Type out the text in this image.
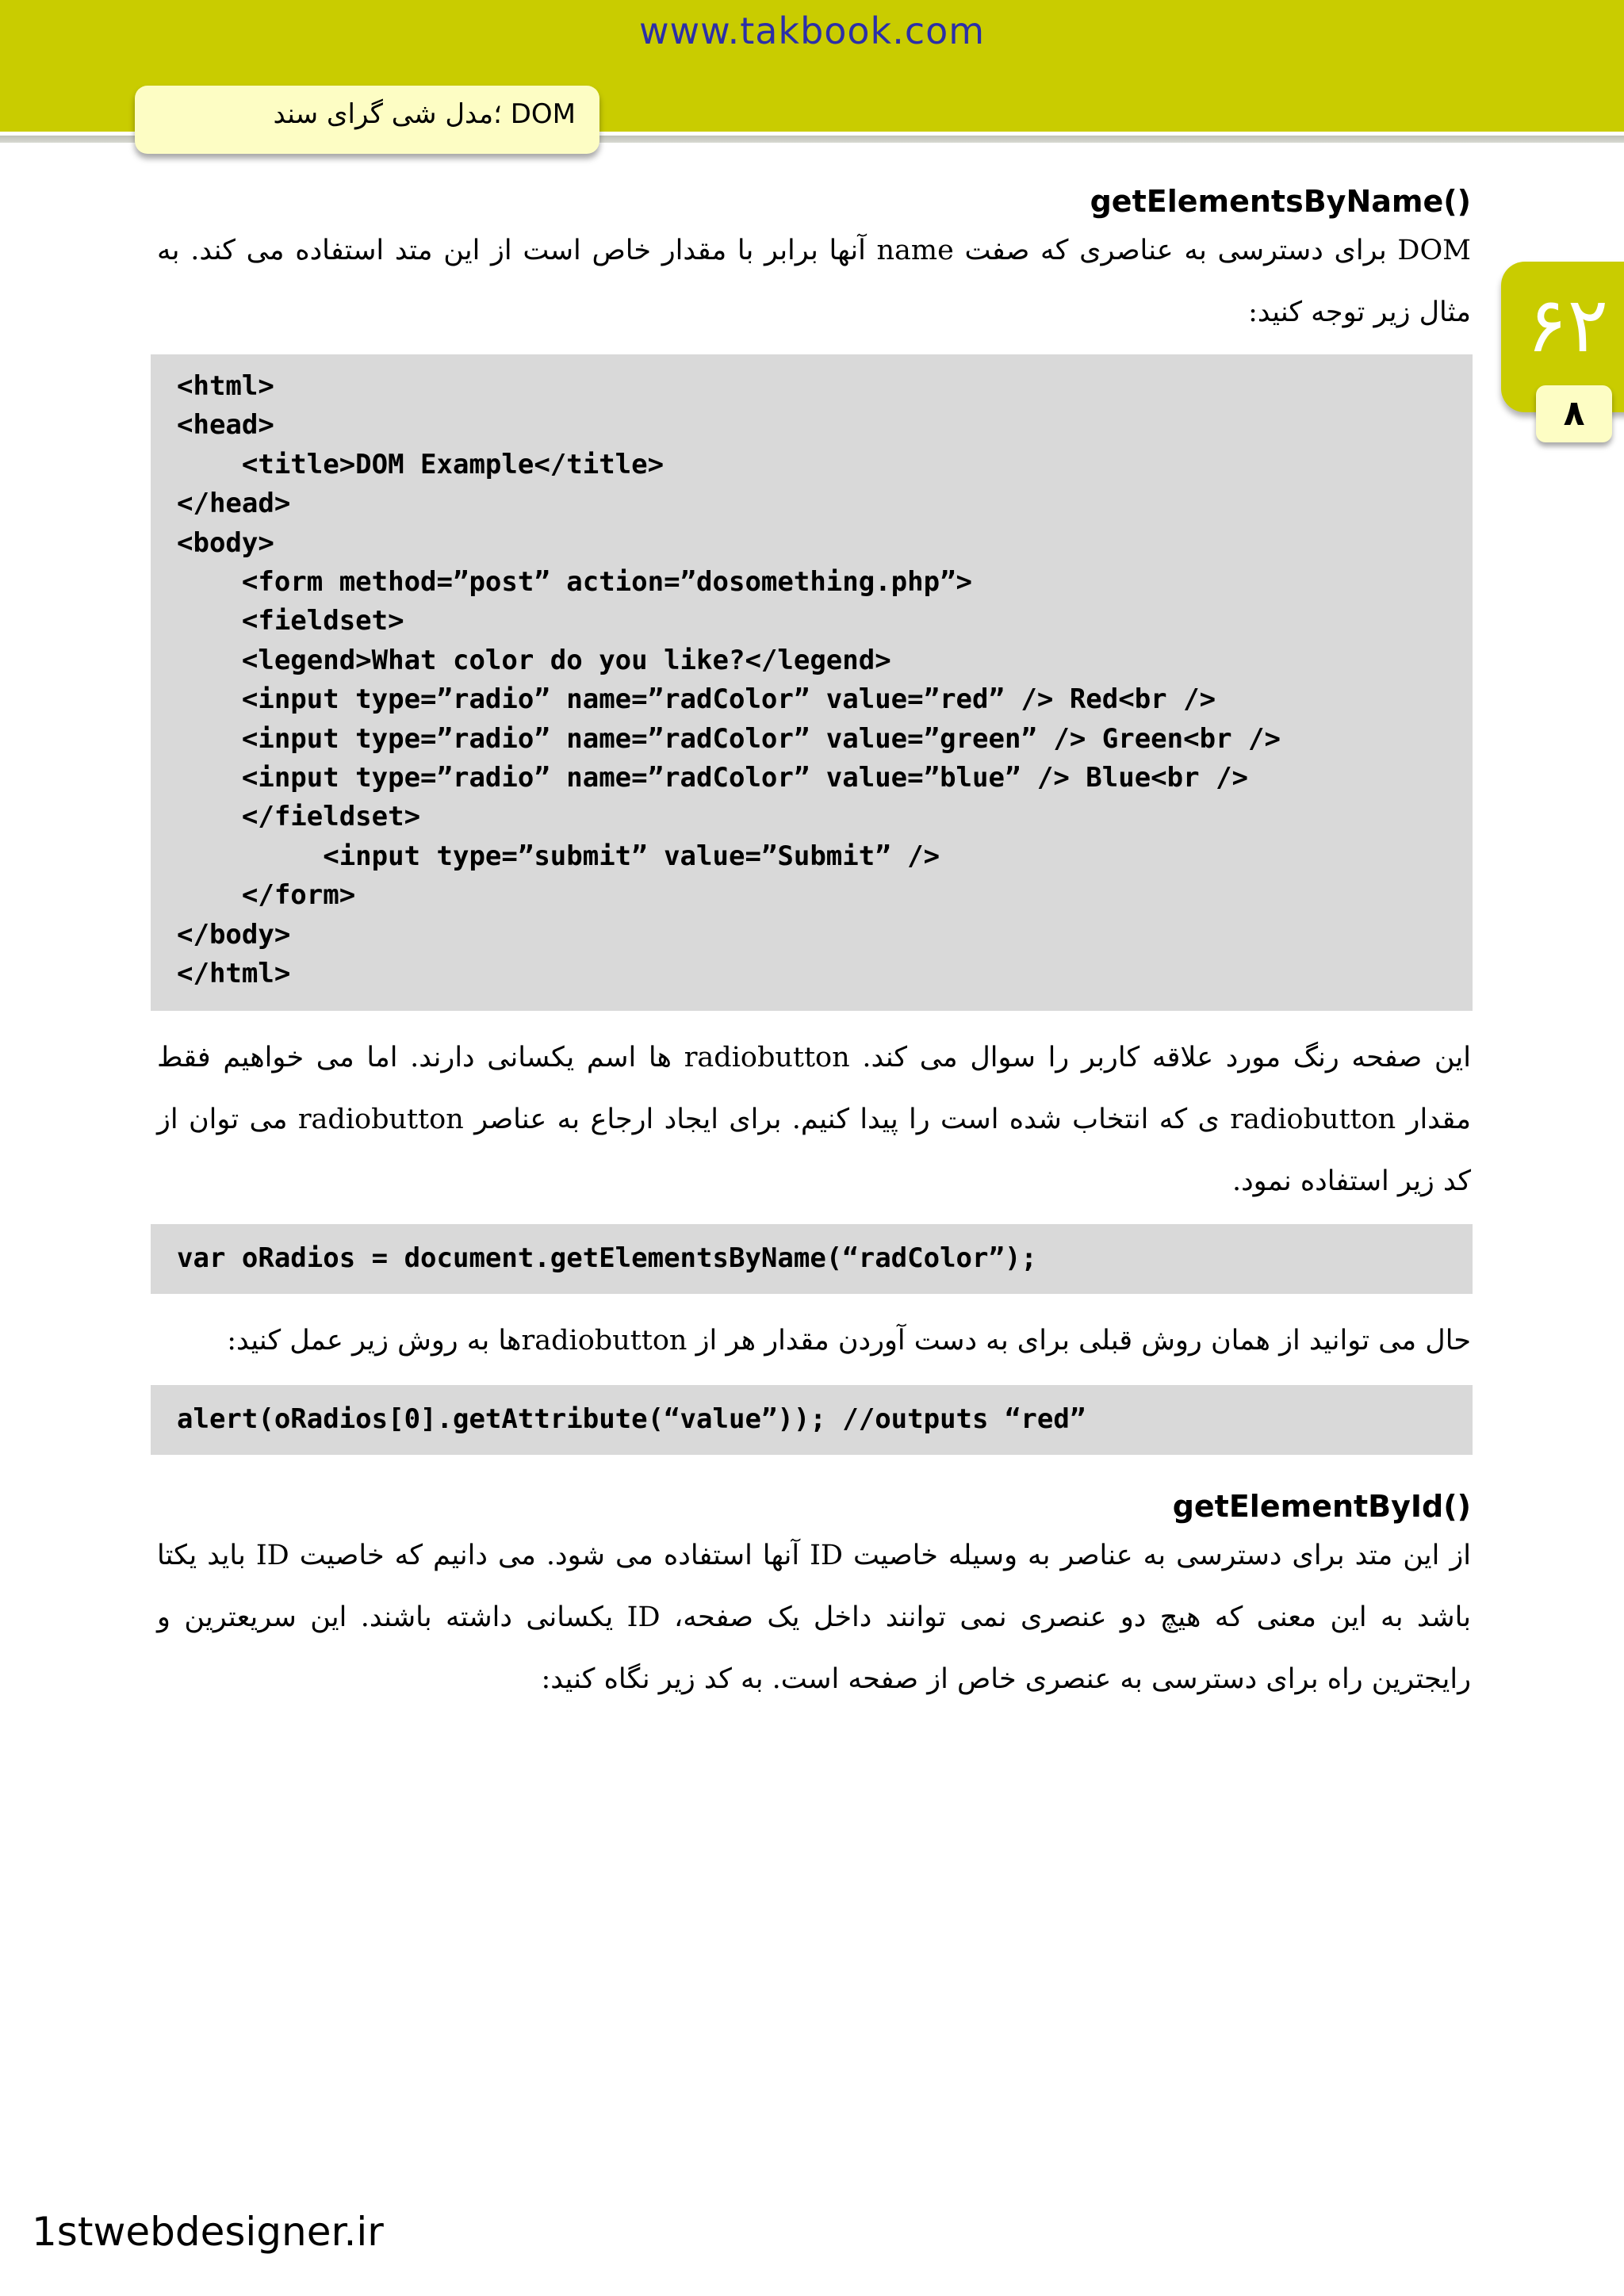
www.takbook.com
DOM ؛مدل شی گرای سند
۶۲
۸
getElementsByName()
DOM برای دسترسی به عناصری که صفت name آنها برابر با مقدار خاص است از این متد استفاده می کند. به مثال زیر توجه کنید:
<html>
<head>
<title>DOM Example</title>
</head>
<body>
<form method=”post” action=”dosomething.php”>
<fieldset>
<legend>What color do you like?</legend>
<input type=”radio” name=”radColor” value=”red” /> Red<br />
<input type=”radio” name=”radColor” value=”green” /> Green<br />
<input type=”radio” name=”radColor” value=”blue” /> Blue<br />
</fieldset>
<input type=”submit” value=”Submit” />
</form>
</body>
</html>
این صفحه رنگ مورد علاقه کاربر را سوال می کند. radiobutton ها اسم یکسانی دارند. اما می خواهیم فقط مقدار radiobutton ی که انتخاب شده است را پیدا کنیم. برای ایجاد ارجاع به عناصر radiobutton می توان از کد زیر استفاده نمود.
var oRadios = document.getElementsByName(“radColor”);
حال می توانید از همان روش قبلی برای به دست آوردن مقدار هر از radiobuttonها به روش زیر عمل کنید:
alert(oRadios[0].getAttribute(“value”)); //outputs “red”
getElementById()
از این متد برای دسترسی به عناصر به وسیله خاصیت ID آنها استفاده می شود. می دانیم که خاصیت ID باید یکتا باشد به این معنی که هیچ دو عنصری نمی توانند داخل یک صفحه، ID یکسانی داشته باشند. این سریعترین و رایجترین راه برای دسترسی به عنصری خاص از صفحه است. به کد زیر نگاه کنید:
1stwebdesigner.ir
